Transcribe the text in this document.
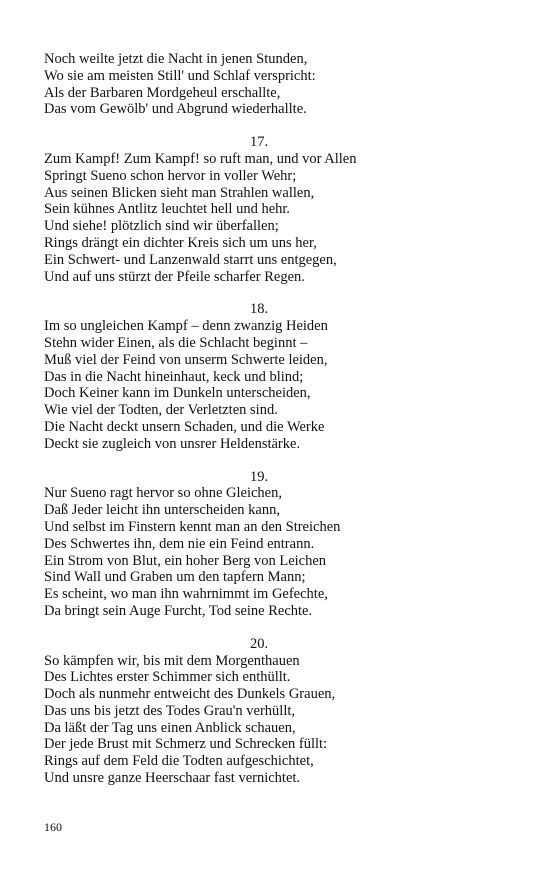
Noch weilte jetzt die Nacht in jenen Stunden,
Wo sie am meisten Still' und Schlaf verspricht:
Als der Barbaren Mordgeheul erschallte,
Das vom Gewölb' und Abgrund wiederhallte.
17.
Zum Kampf! Zum Kampf! so ruft man, und vor Allen
Springt Sueno schon hervor in voller Wehr;
Aus seinen Blicken sieht man Strahlen wallen,
Sein kühnes Antlitz leuchtet hell und hehr.
Und siehe! plötzlich sind wir überfallen;
Rings drängt ein dichter Kreis sich um uns her,
Ein Schwert- und Lanzenwald starrt uns entgegen,
Und auf uns stürzt der Pfeile scharfer Regen.
18.
Im so ungleichen Kampf – denn zwanzig Heiden
Stehn wider Einen, als die Schlacht beginnt –
Muß viel der Feind von unserm Schwerte leiden,
Das in die Nacht hineinhaut, keck und blind;
Doch Keiner kann im Dunkeln unterscheiden,
Wie viel der Todten, der Verletzten sind.
Die Nacht deckt unsern Schaden, und die Werke
Deckt sie zugleich von unsrer Heldenstärke.
19.
Nur Sueno ragt hervor so ohne Gleichen,
Daß Jeder leicht ihn unterscheiden kann,
Und selbst im Finstern kennt man an den Streichen
Des Schwertes ihn, dem nie ein Feind entrann.
Ein Strom von Blut, ein hoher Berg von Leichen
Sind Wall und Graben um den tapfern Mann;
Es scheint, wo man ihn wahrnimmt im Gefechte,
Da bringt sein Auge Furcht, Tod seine Rechte.
20.
So kämpfen wir, bis mit dem Morgenthauen
Des Lichtes erster Schimmer sich enthüllt.
Doch als nunmehr entweicht des Dunkels Grauen,
Das uns bis jetzt des Todes Grau'n verhüllt,
Da läßt der Tag uns einen Anblick schauen,
Der jede Brust mit Schmerz und Schrecken füllt:
Rings auf dem Feld die Todten aufgeschichtet,
Und unsre ganze Heerschaar fast vernichtet.
160
